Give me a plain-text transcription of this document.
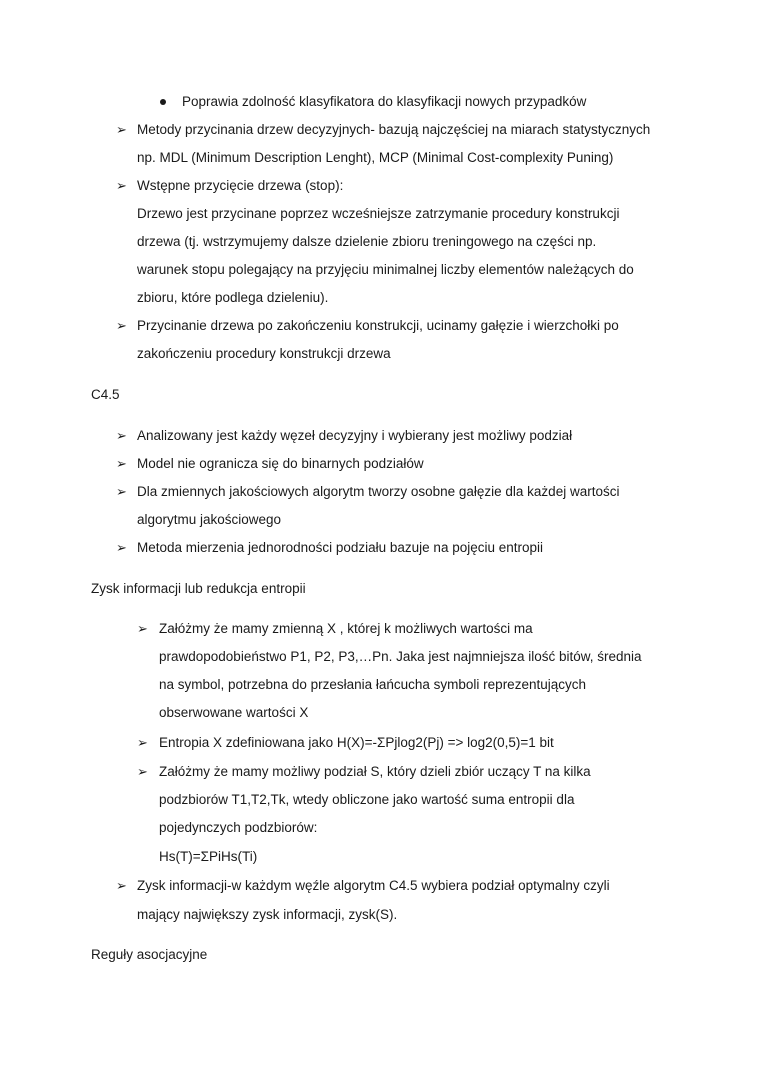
Poprawia zdolność klasyfikatora do klasyfikacji nowych przypadków
➢ Metody przycinania drzew decyzyjnych- bazują najczęściej na miarach statystycznych
np. MDL (Minimum Description Lenght), MCP (Minimal Cost-complexity Puning)
➢ Wstępne przycięcie drzewa (stop):
Drzewo jest przycinane poprzez wcześniejsze zatrzymanie procedury konstrukcji
drzewa (tj. wstrzymujemy dalsze dzielenie zbioru treningowego na części np.
warunek stopu polegający na przyjęciu minimalnej liczby elementów należących do
zbioru, które podlega dzieleniu).
➢ Przycinanie drzewa po zakończeniu konstrukcji, ucinamy gałęzie i wierzchołki po
zakończeniu procedury konstrukcji drzewa
C4.5
➢ Analizowany jest każdy węzeł decyzyjny i wybierany jest możliwy podział
➢ Model nie ogranicza się do binarnych podziałów
➢ Dla zmiennych jakościowych algorytm tworzy osobne gałęzie dla każdej wartości
algorytmu jakościowego
➢ Metoda mierzenia jednorodności podziału bazuje na pojęciu entropii
Zysk informacji lub redukcja entropii
➢ Załóżmy że mamy zmienną X , której k możliwych wartości ma
prawdopodobieństwo P1, P2, P3,…Pn. Jaka jest najmniejsza ilość bitów, średnia
na symbol, potrzebna do przesłania łańcucha symboli reprezentujących
obserwowane wartości X
➢ Entropia X zdefiniowana jako H(X)=-ΣPjlog2(Pj) => log2(0,5)=1 bit
➢ Załóżmy że mamy możliwy podział S, który dzieli zbiór uczący T na kilka
podzbiorów T1,T2,Tk, wtedy obliczone jako wartość suma entropii dla
pojedynczych podzbiorów:
Hs(T)=ΣPiHs(Ti)
➢ Zysk informacji-w każdym węźle algorytm C4.5 wybiera podział optymalny czyli
mający największy zysk informacji, zysk(S).
Reguły asocjacyjne
